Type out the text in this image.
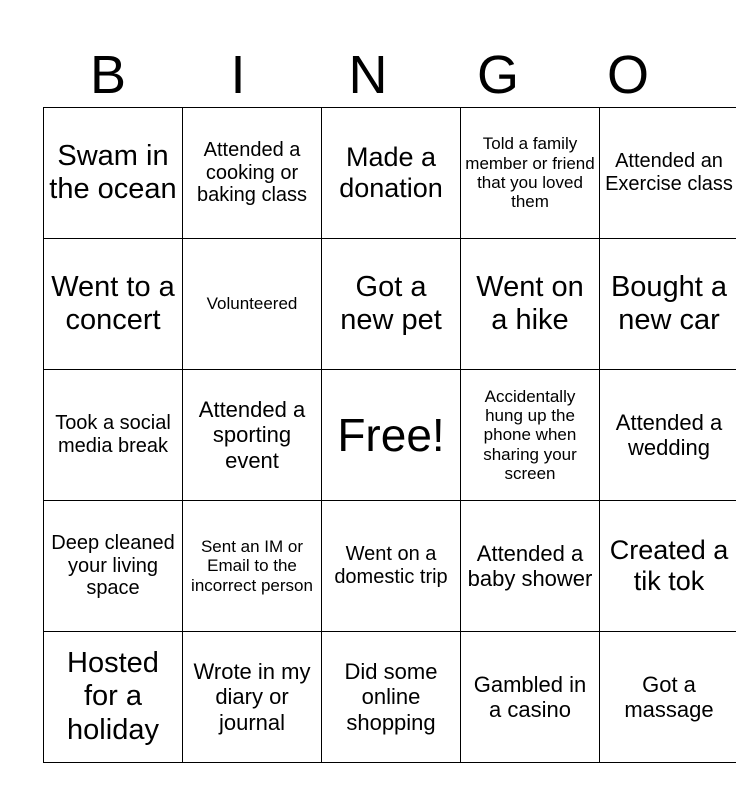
B	I	N	G	O
Swam in the ocean	Attended a cooking or baking class	Made a donation	Told a family member or friend that you loved them	Attended an Exercise class
Went to a concert	Volunteered	Got a new pet	Went on a hike	Bought a new car
Took a social media break	Attended a sporting event	Free!	Accidentally hung up the phone when sharing your screen	Attended a wedding
Deep cleaned your living space	Sent an IM or Email to the incorrect person	Went on a domestic trip	Attended a baby shower	Created a tik tok
Hosted for a holiday	Wrote in my diary or journal	Did some online shopping	Gambled in a casino	Got a massage
